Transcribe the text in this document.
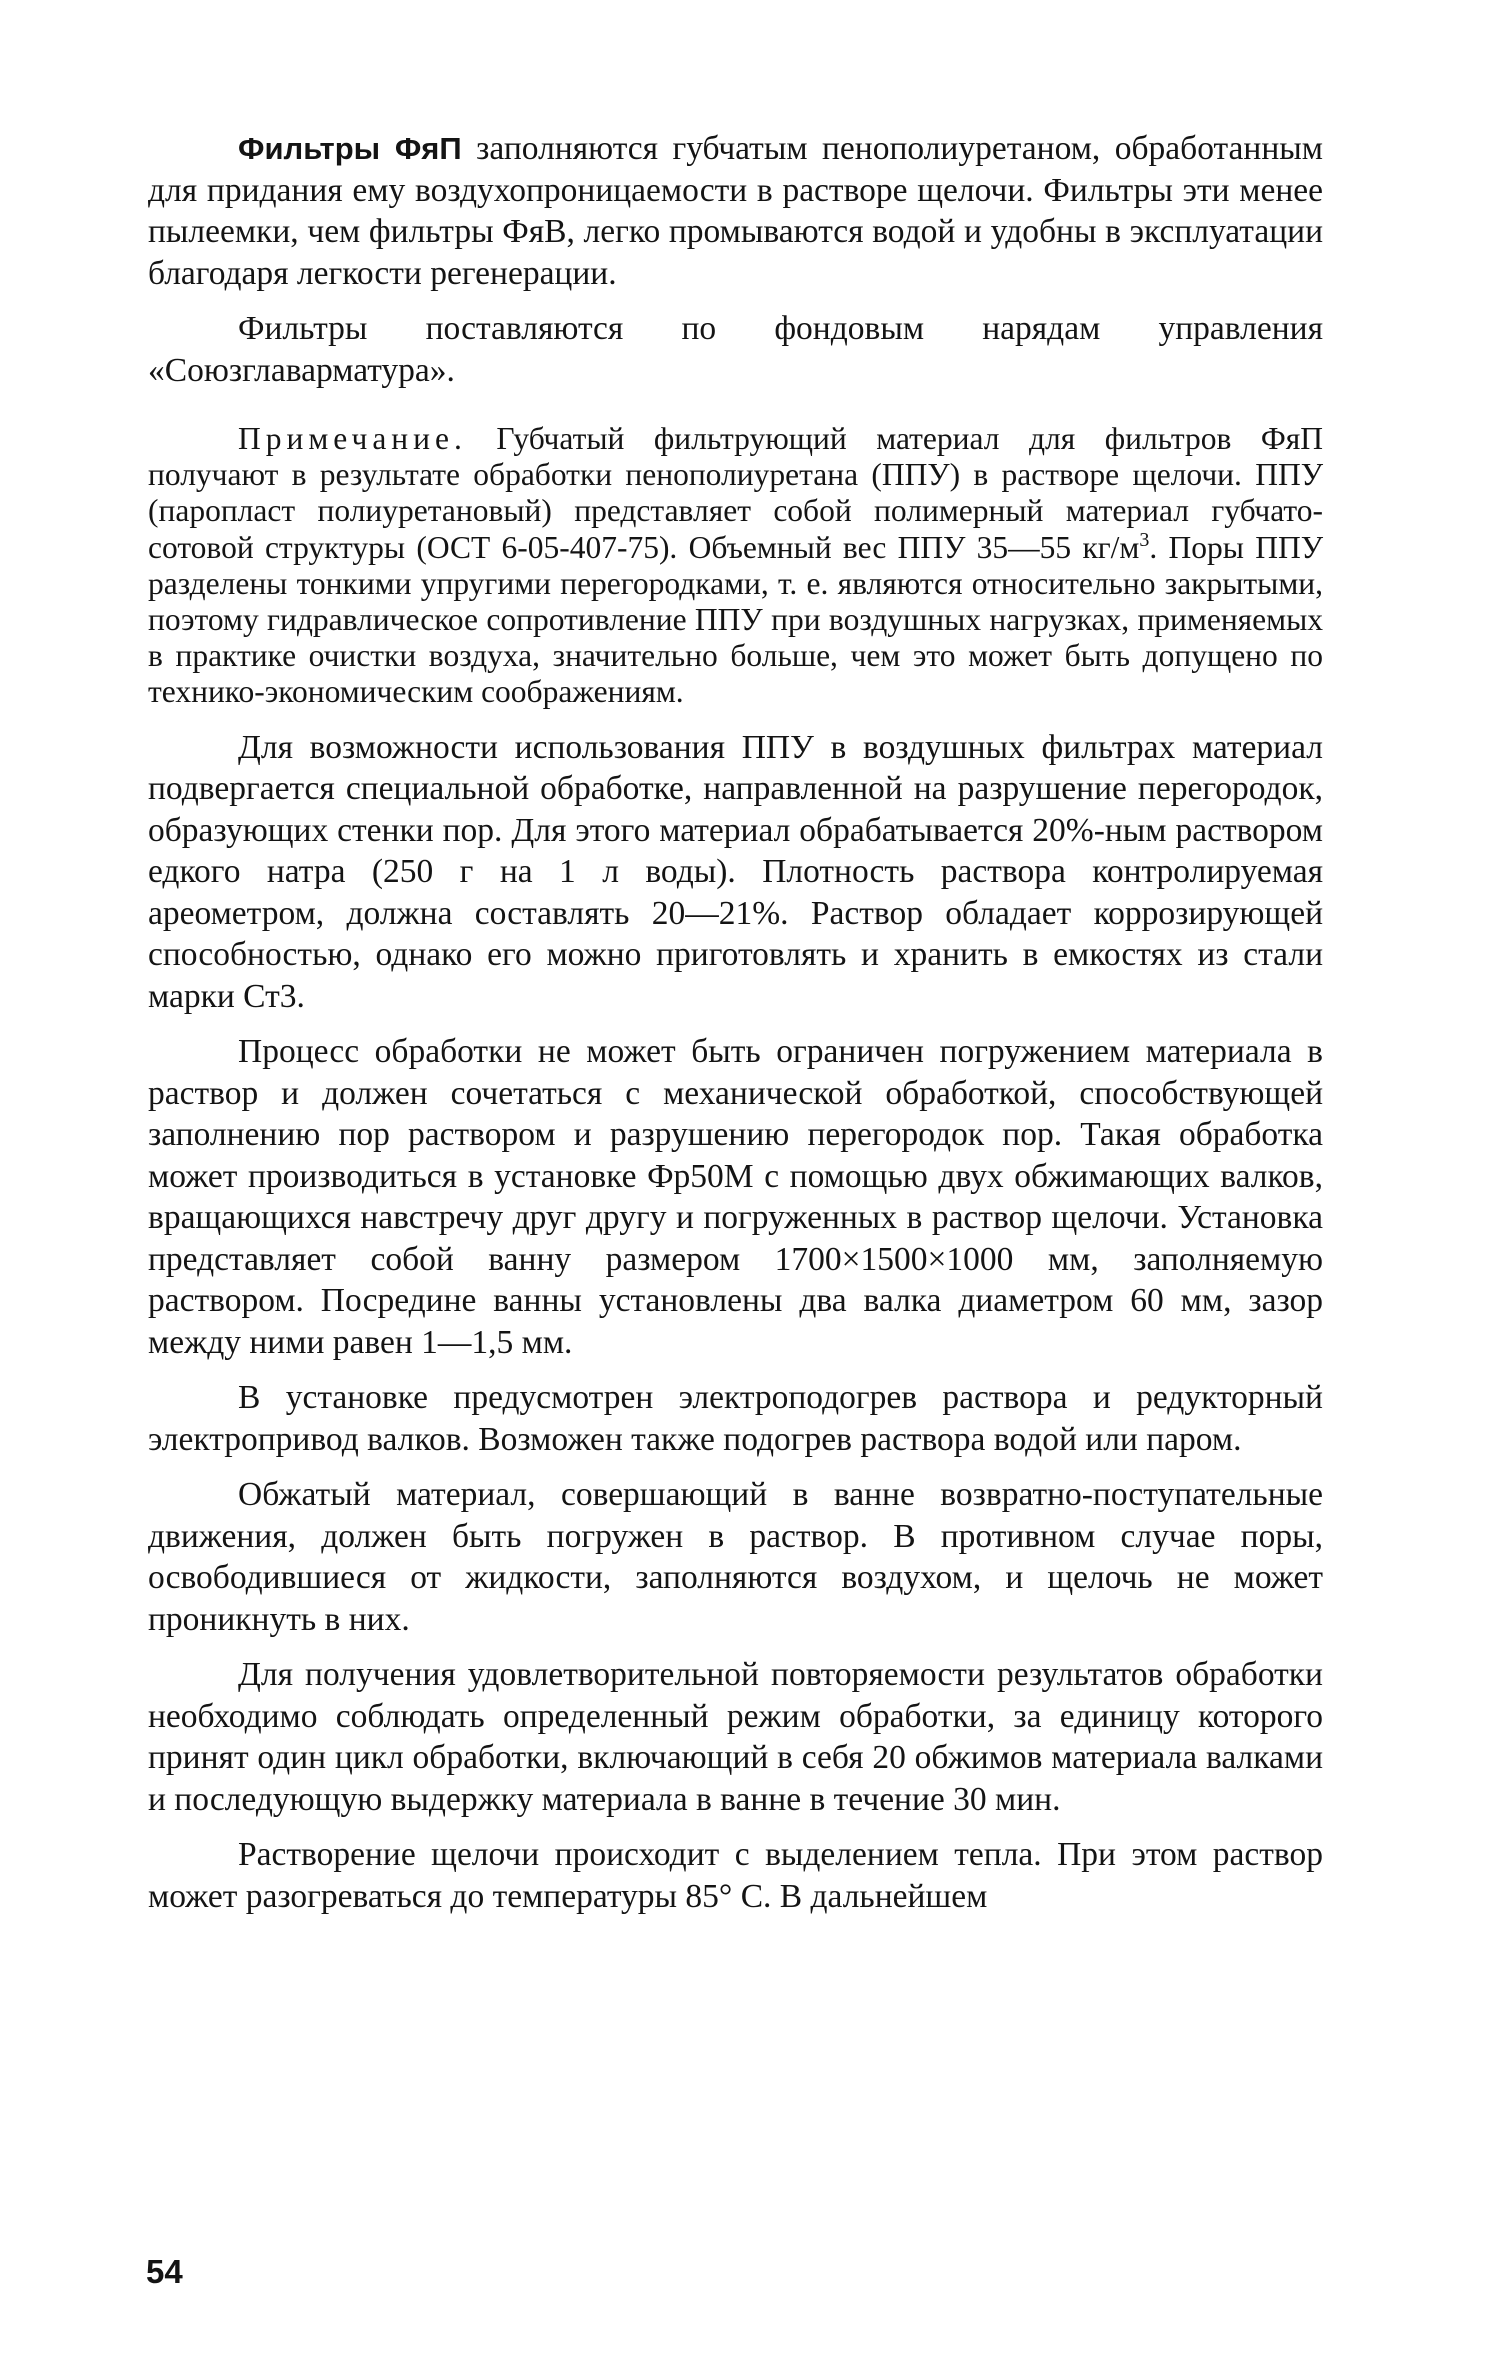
Фильтры ФяП заполняются губчатым пенополиуретаном, обработанным для придания ему воздухопроницаемости в растворе щелочи. Фильтры эти менее пылеемки, чем фильтры ФяВ, легко промываются водой и удобны в эксплуатации благодаря легкости регенерации.

Фильтры поставляются по фондовым нарядам управления «Союзглаварматура».

Примечание. Губчатый фильтрующий материал для фильтров ФяП получают в результате обработки пенополиуретана (ППУ) в растворе щелочи. ППУ (паропласт полиуретановый) представляет собой полимерный материал губчато-сотовой структуры (ОСТ 6-05-407-75). Объемный вес ППУ 35—55 $кг/м^3$. Поры ППУ разделены тонкими упругими перегородками, т. е. являются относительно закрытыми, поэтому гидравлическое сопротивление ППУ при воздушных нагрузках, применяемых в практике очистки воздуха, значительно больше, чем это может быть допущено по технико-экономическим соображениям.

Для возможности использования ППУ в воздушных фильтрах материал подвергается специальной обработке, направленной на разрушение перегородок, образующих стенки пор. Для этого материал обрабатывается 20%-ным раствором едкого натра (250 г на 1 л воды). Плотность раствора контролируемая ареометром, должна составлять 20—21%. Раствор обладает коррозирующей способностью, однако его можно приготовлять и хранить в емкостях из стали марки Ст3.

Процесс обработки не может быть ограничен погружением материала в раствор и должен сочетаться с механической обработкой, способствующей заполнению пор раствором и разрушению перегородок пор. Такая обработка может производиться в установке Фр50М с помощью двух обжимающих валков, вращающихся навстречу друг другу и погруженных в раствор щелочи. Установка представляет собой ванну размером 1700×1500×1000 мм, заполняемую раствором. Посредине ванны установлены два валка диаметром 60 мм, зазор между ними равен 1—1,5 мм.

В установке предусмотрен электроподогрев раствора и редукторный электропривод валков. Возможен также подогрев раствора водой или паром.

Обжатый материал, совершающий в ванне возвратно-поступательные движения, должен быть погружен в раствор. В противном случае поры, освободившиеся от жидкости, заполняются воздухом, и щелочь не может проникнуть в них.

Для получения удовлетворительной повторяемости результатов обработки необходимо соблюдать определенный режим обработки, за единицу которого принят один цикл обработки, включающий в себя 20 обжимов материала валками и последующую выдержку материала в ванне в течение 30 мин.

Растворение щелочи происходит с выделением тепла. При этом раствор может разогреваться до температуры 85° С. В дальнейшем

54
